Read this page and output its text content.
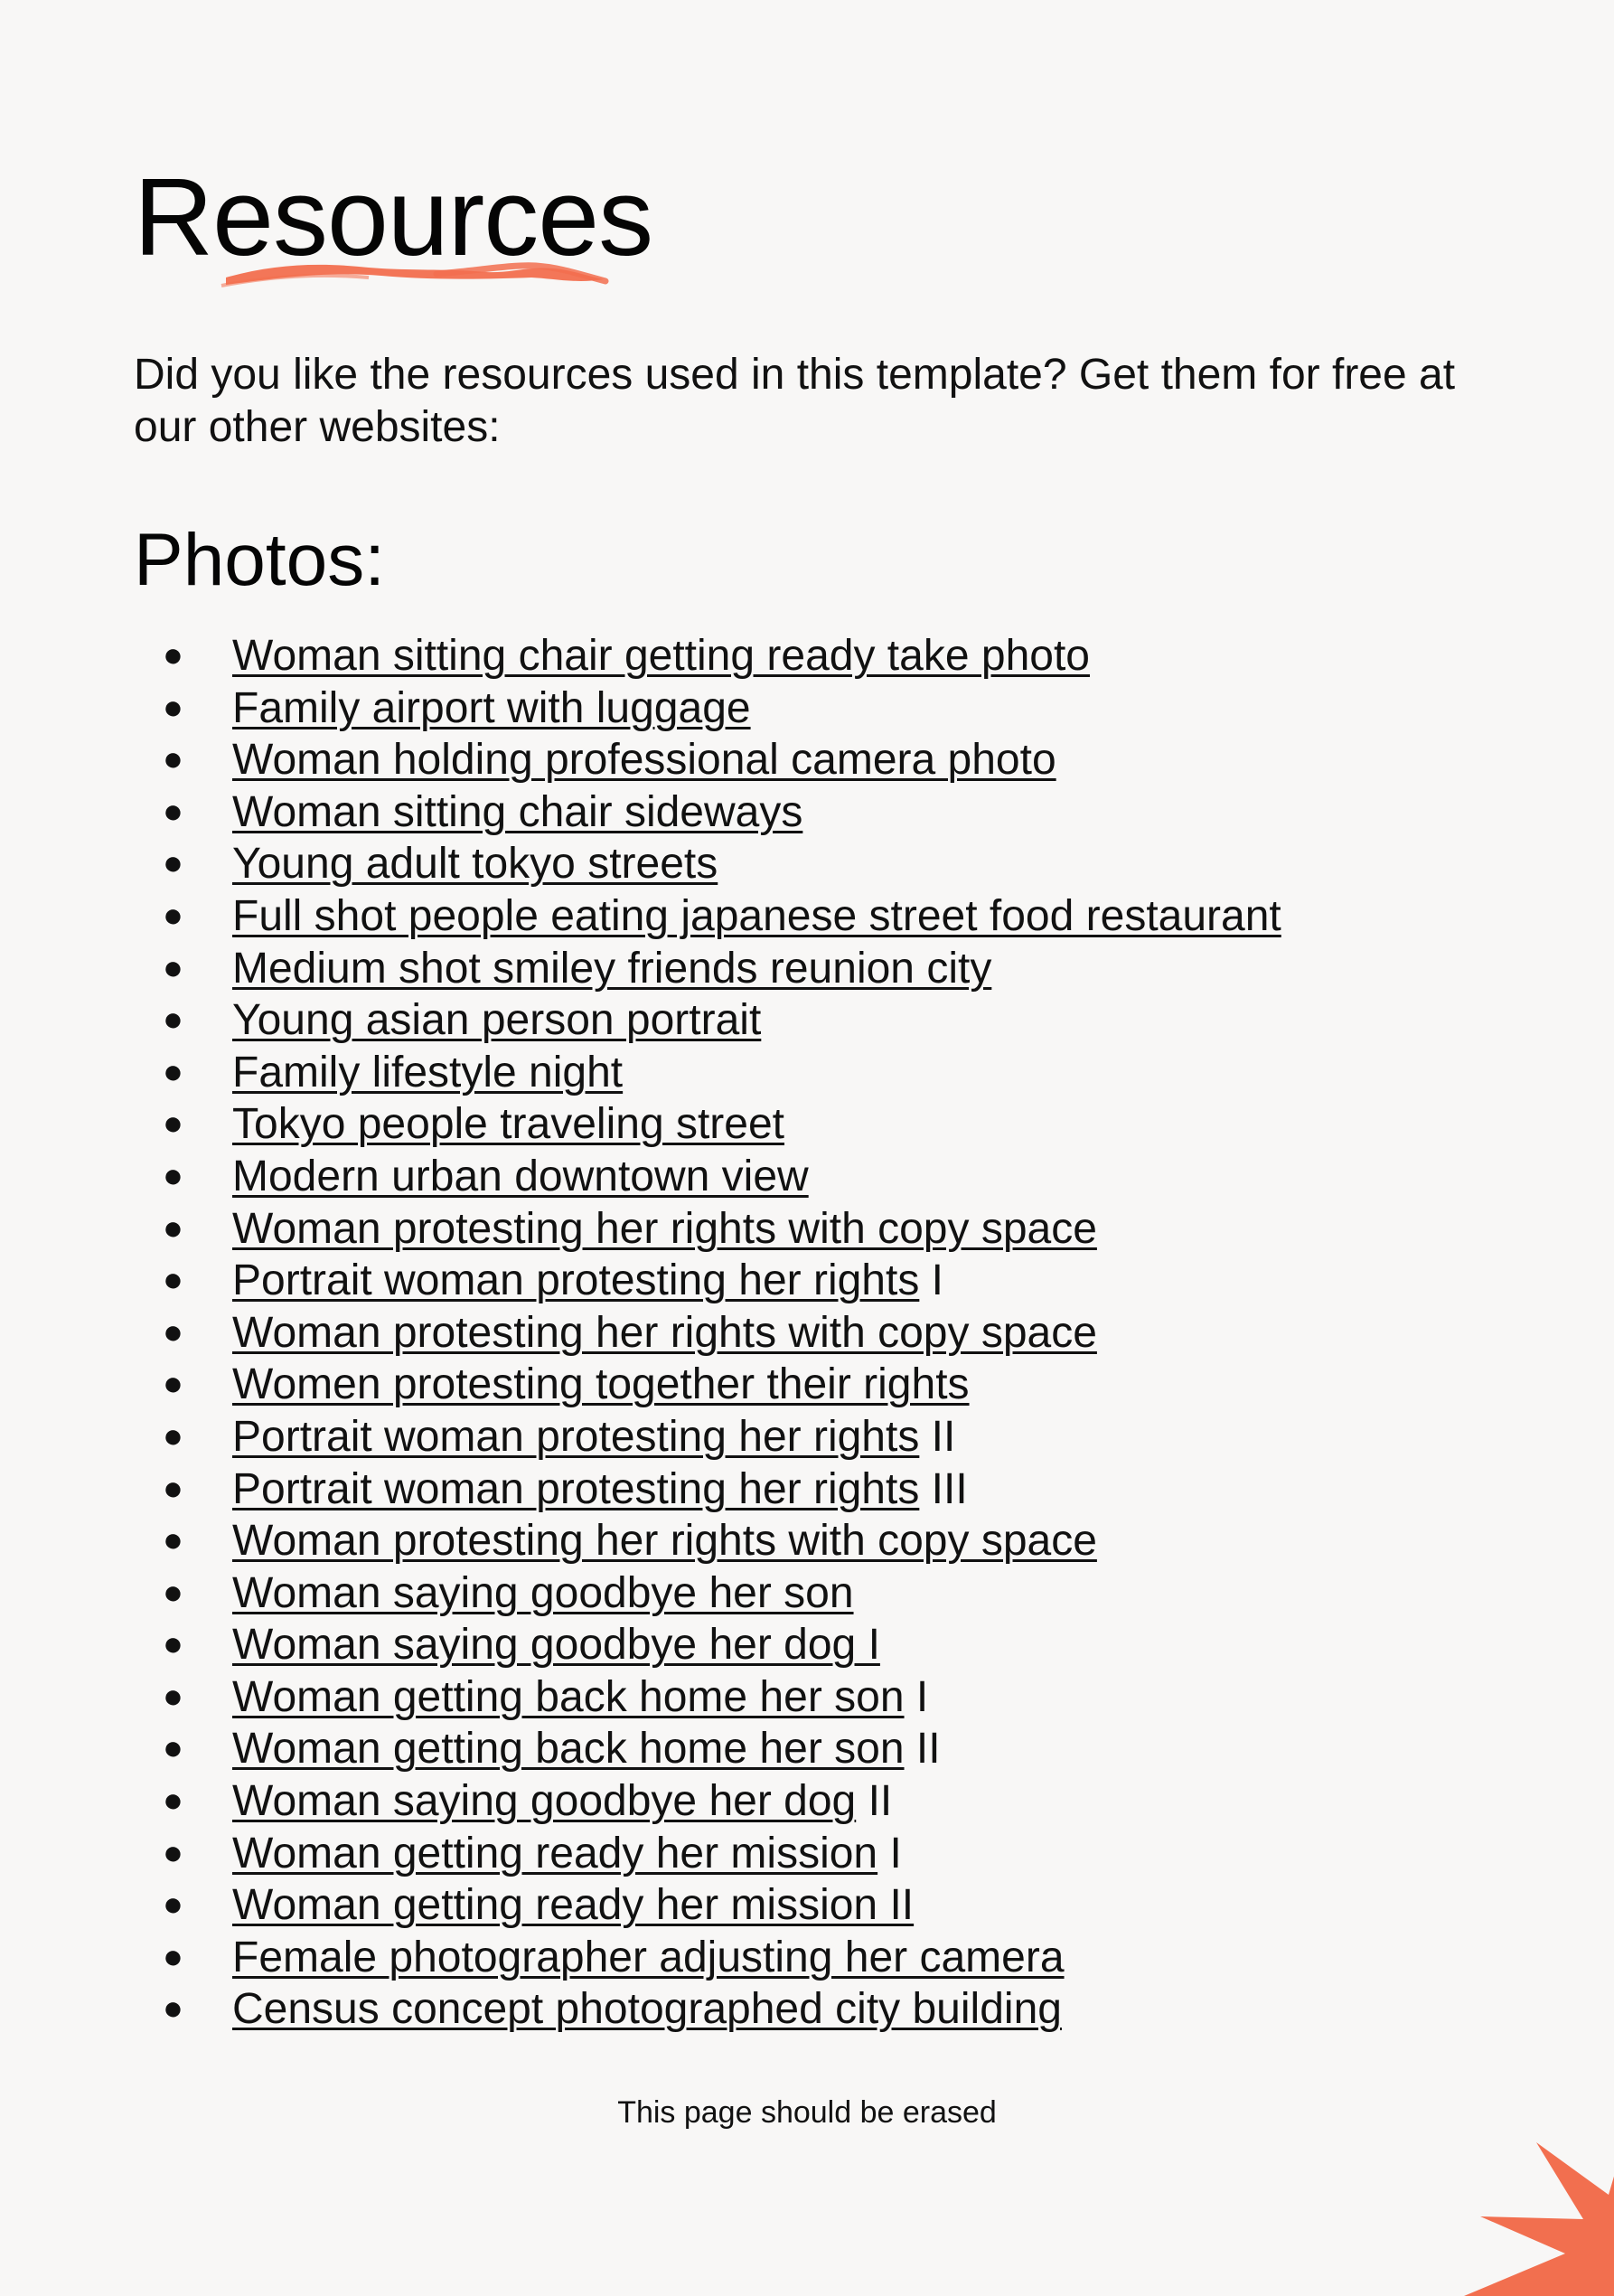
Resources

Did you like the resources used in this template? Get them for free at our other websites:

Photos:
● Woman sitting chair getting ready take photo
● Family airport with luggage
● Woman holding professional camera photo
● Woman sitting chair sideways
● Young adult tokyo streets
● Full shot people eating japanese street food restaurant
● Medium shot smiley friends reunion city
● Young asian person portrait
● Family lifestyle night
● Tokyo people traveling street
● Modern urban downtown view
● Woman protesting her rights with copy space
● Portrait woman protesting her rights I
● Woman protesting her rights with copy space
● Women protesting together their rights
● Portrait woman protesting her rights II
● Portrait woman protesting her rights III
● Woman protesting her rights with copy space
● Woman saying goodbye her son
● Woman saying goodbye her dog I
● Woman getting back home her son I
● Woman getting back home her son II
● Woman saying goodbye her dog II
● Woman getting ready her mission I
● Woman getting ready her mission II
● Female photographer adjusting her camera
● Census concept photographed city building

This page should be erased
